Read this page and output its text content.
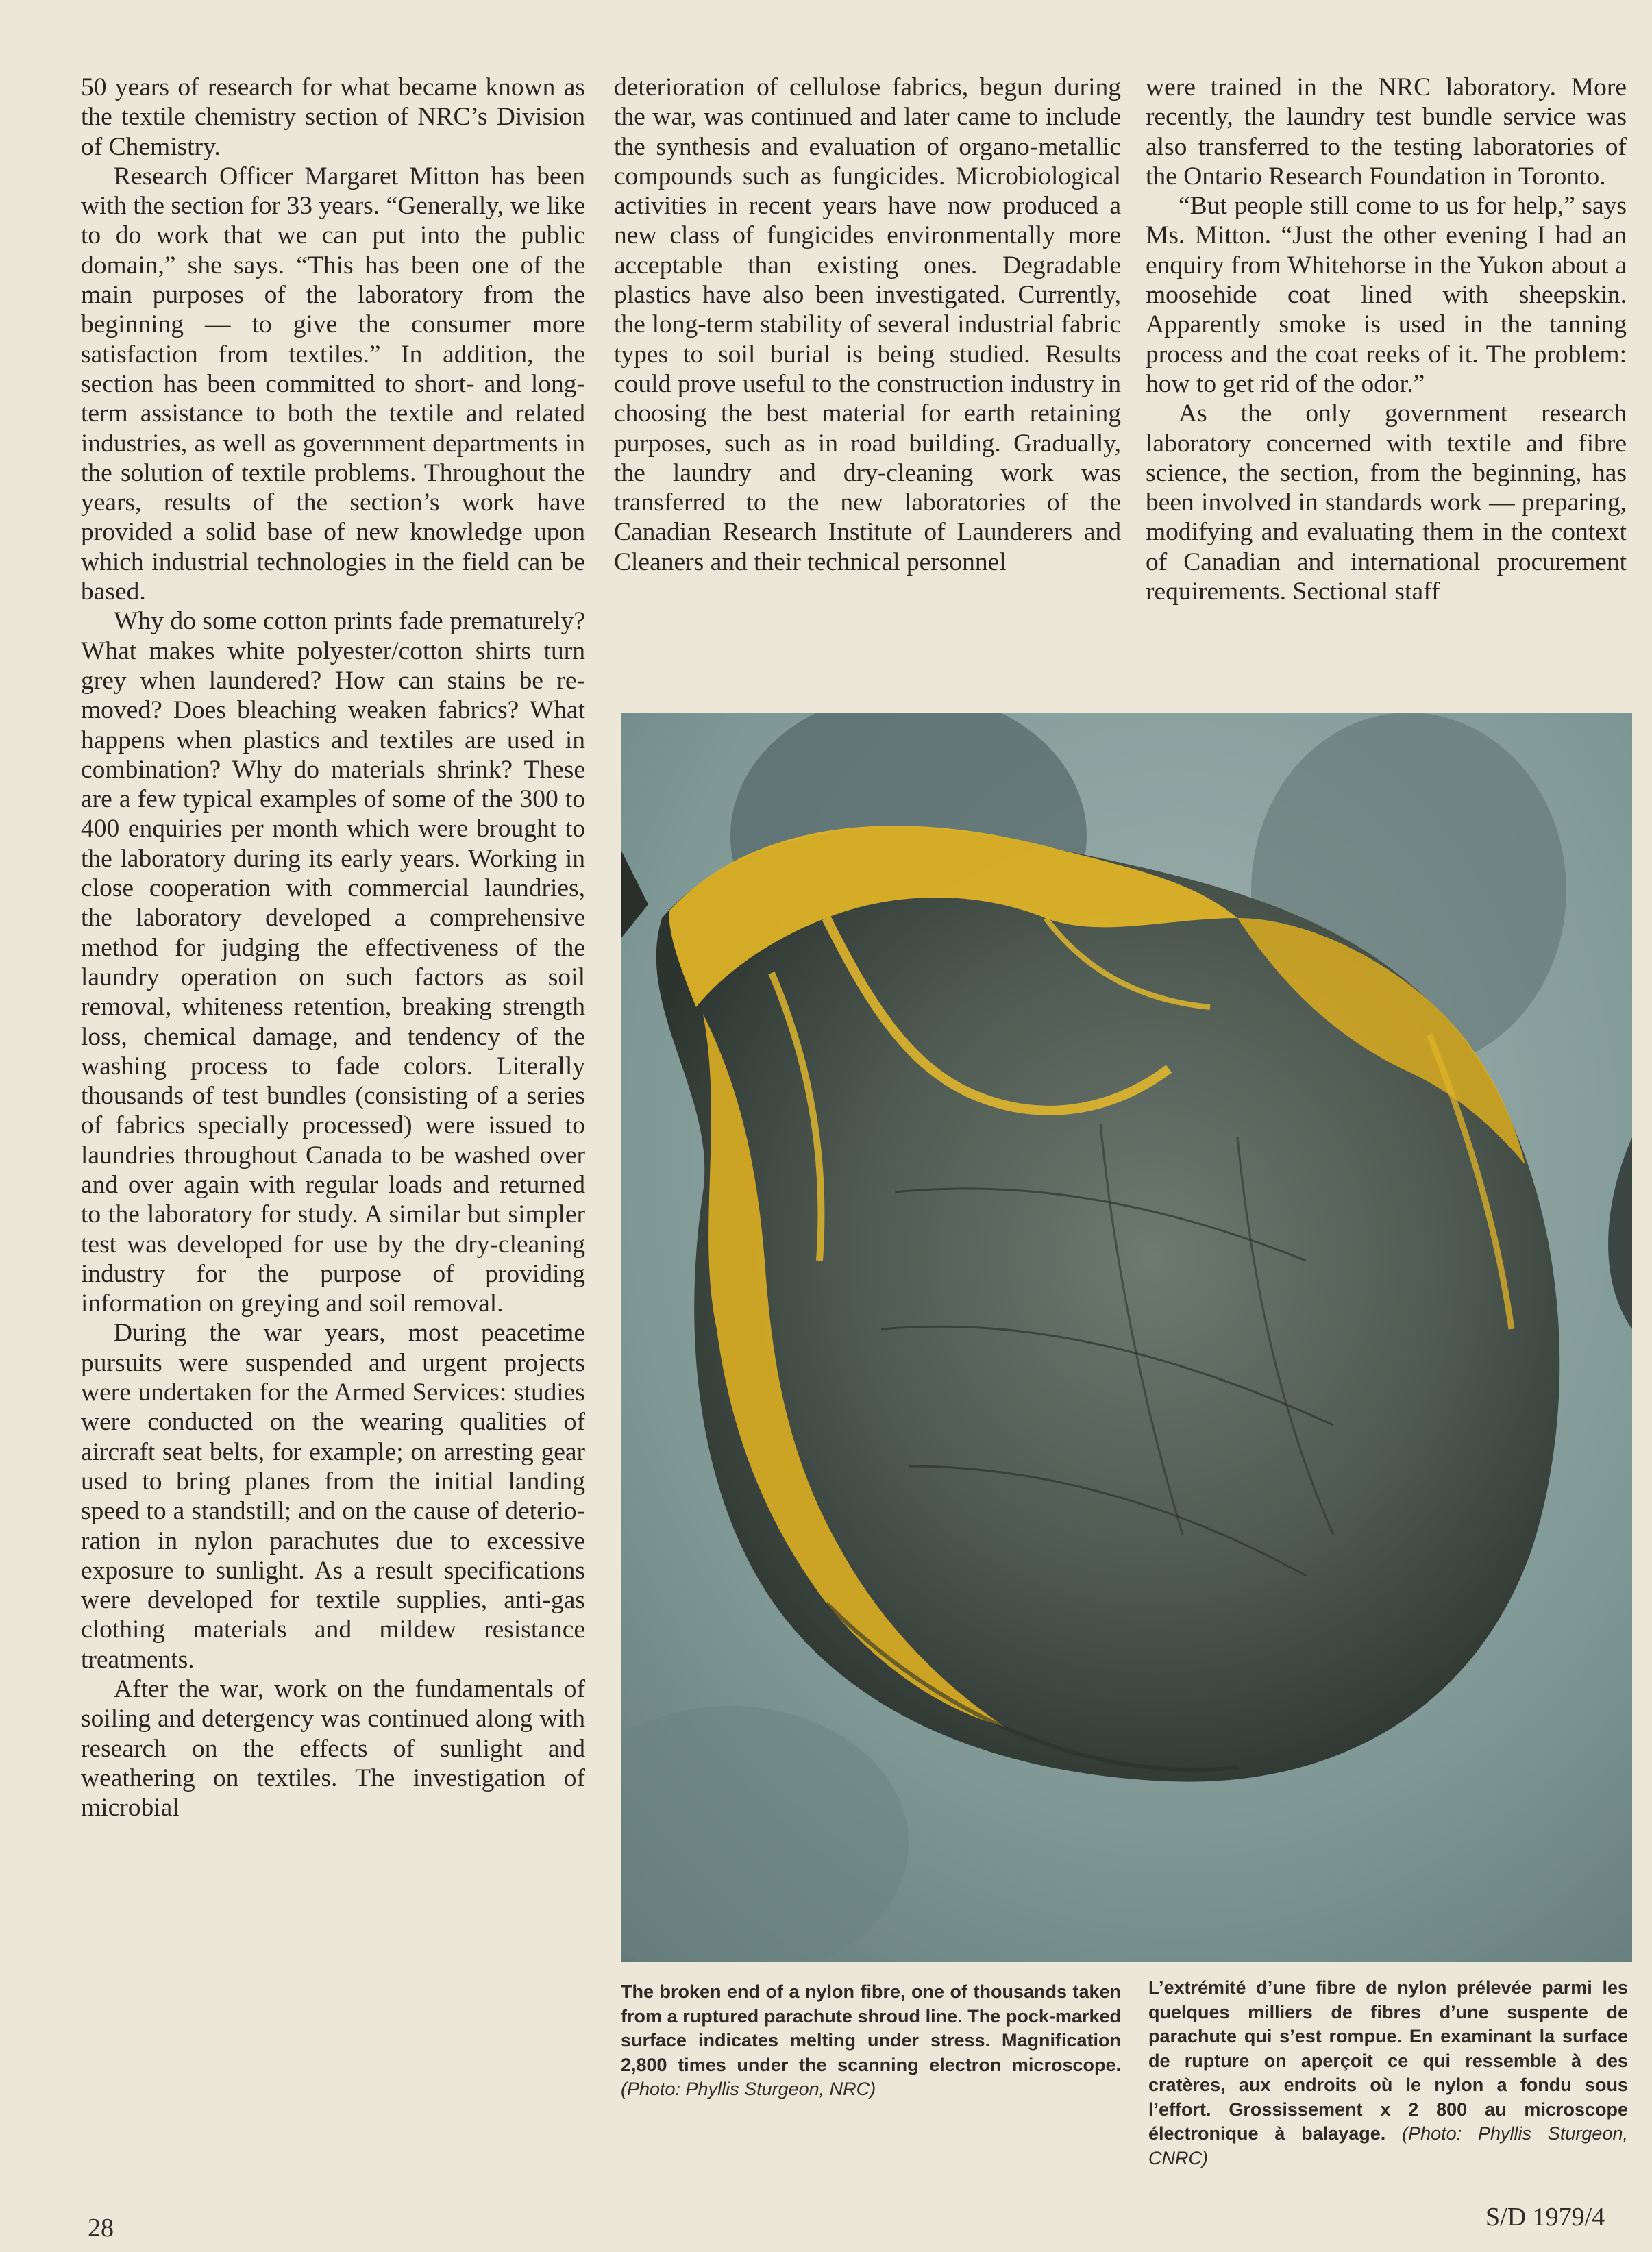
50 years of research for what became known as the textile chemistry section of NRC’s Division of Chemistry.

Research Officer Margaret Mitton has been with the section for 33 years. “Generally, we like to do work that we can put into the public domain,” she says. “This has been one of the main purposes of the laboratory from the beginning — to give the consumer more satisfaction from textiles.” In addition, the section has been committed to short- and long-term assistance to both the textile and related industries, as well as government departments in the solution of textile problems. Throughout the years, results of the section’s work have provided a solid base of new knowledge upon which industrial technologies in the field can be based.

Why do some cotton prints fade prematurely? What makes white polyester/cotton shirts turn grey when laundered? How can stains be removed? Does bleaching weaken fabrics? What happens when plastics and textiles are used in combination? Why do materials shrink? These are a few typical examples of some of the 300 to 400 enquiries per month which were brought to the laboratory during its early years. Working in close cooperation with commercial laundries, the laboratory developed a comprehensive method for judging the effectiveness of the laundry operation on such factors as soil removal, whiteness retention, breaking strength loss, chemical damage, and tendency of the washing process to fade colors. Literally thousands of test bundles (consisting of a series of fabrics specially processed) were issued to laundries throughout Canada to be washed over and over again with regular loads and returned to the laboratory for study. A similar but simpler test was developed for use by the dry-cleaning industry for the purpose of providing information on greying and soil removal.

During the war years, most peacetime pursuits were suspended and urgent projects were undertaken for the Armed Services: studies were conducted on the wearing qualities of aircraft seat belts, for example; on arresting gear used to bring planes from the initial landing speed to a standstill; and on the cause of deterioration in nylon parachutes due to excessive exposure to sunlight. As a result specifications were developed for textile supplies, anti-gas clothing materials and mildew resistance treatments.

After the war, work on the fundamentals of soiling and detergency was continued along with research on the effects of sunlight and weathering on textiles. The investigation of microbial

deterioration of cellulose fabrics, begun during the war, was continued and later came to include the synthesis and evaluation of organo-metallic compounds such as fungicides. Microbiological activities in recent years have now produced a new class of fungicides environmentally more acceptable than existing ones. Degradable plastics have also been investigated. Currently, the long-term stability of several industrial fabric types to soil burial is being studied. Results could prove useful to the construction industry in choosing the best material for earth retaining purposes, such as in road building. Gradually, the laundry and dry-cleaning work was transferred to the new laboratories of the Canadian Research Institute of Launderers and Cleaners and their technical personnel

were trained in the NRC laboratory. More recently, the laundry test bundle service was also transferred to the testing laboratories of the Ontario Research Foundation in Toronto.

“But people still come to us for help,” says Ms. Mitton. “Just the other evening I had an enquiry from Whitehorse in the Yukon about a moosehide coat lined with sheepskin. Apparently smoke is used in the tanning process and the coat reeks of it. The problem: how to get rid of the odor.”

As the only government research laboratory concerned with textile and fibre science, the section, from the beginning, has been involved in standards work — preparing, modifying and evaluating them in the context of Canadian and international procurement requirements. Sectional staff

The broken end of a nylon fibre, one of thousands taken from a ruptured parachute shroud line. The pock-marked surface indicates melting under stress. Magnification 2,800 times under the scanning electron microscope. (Photo: Phyllis Sturgeon, NRC)
L’extrémité d’une fibre de nylon prélevée parmi les quelques milliers de fibres d’une suspente de parachute qui s’est rompue. En examinant la surface de rupture on aperçoit ce qui ressemble à des cratères, aux endroits où le nylon a fondu sous l’effort. Grossissement x 2 800 au microscope électronique à balayage. (Photo: Phyllis Sturgeon, CNRC)
28	S/D 1979/4
